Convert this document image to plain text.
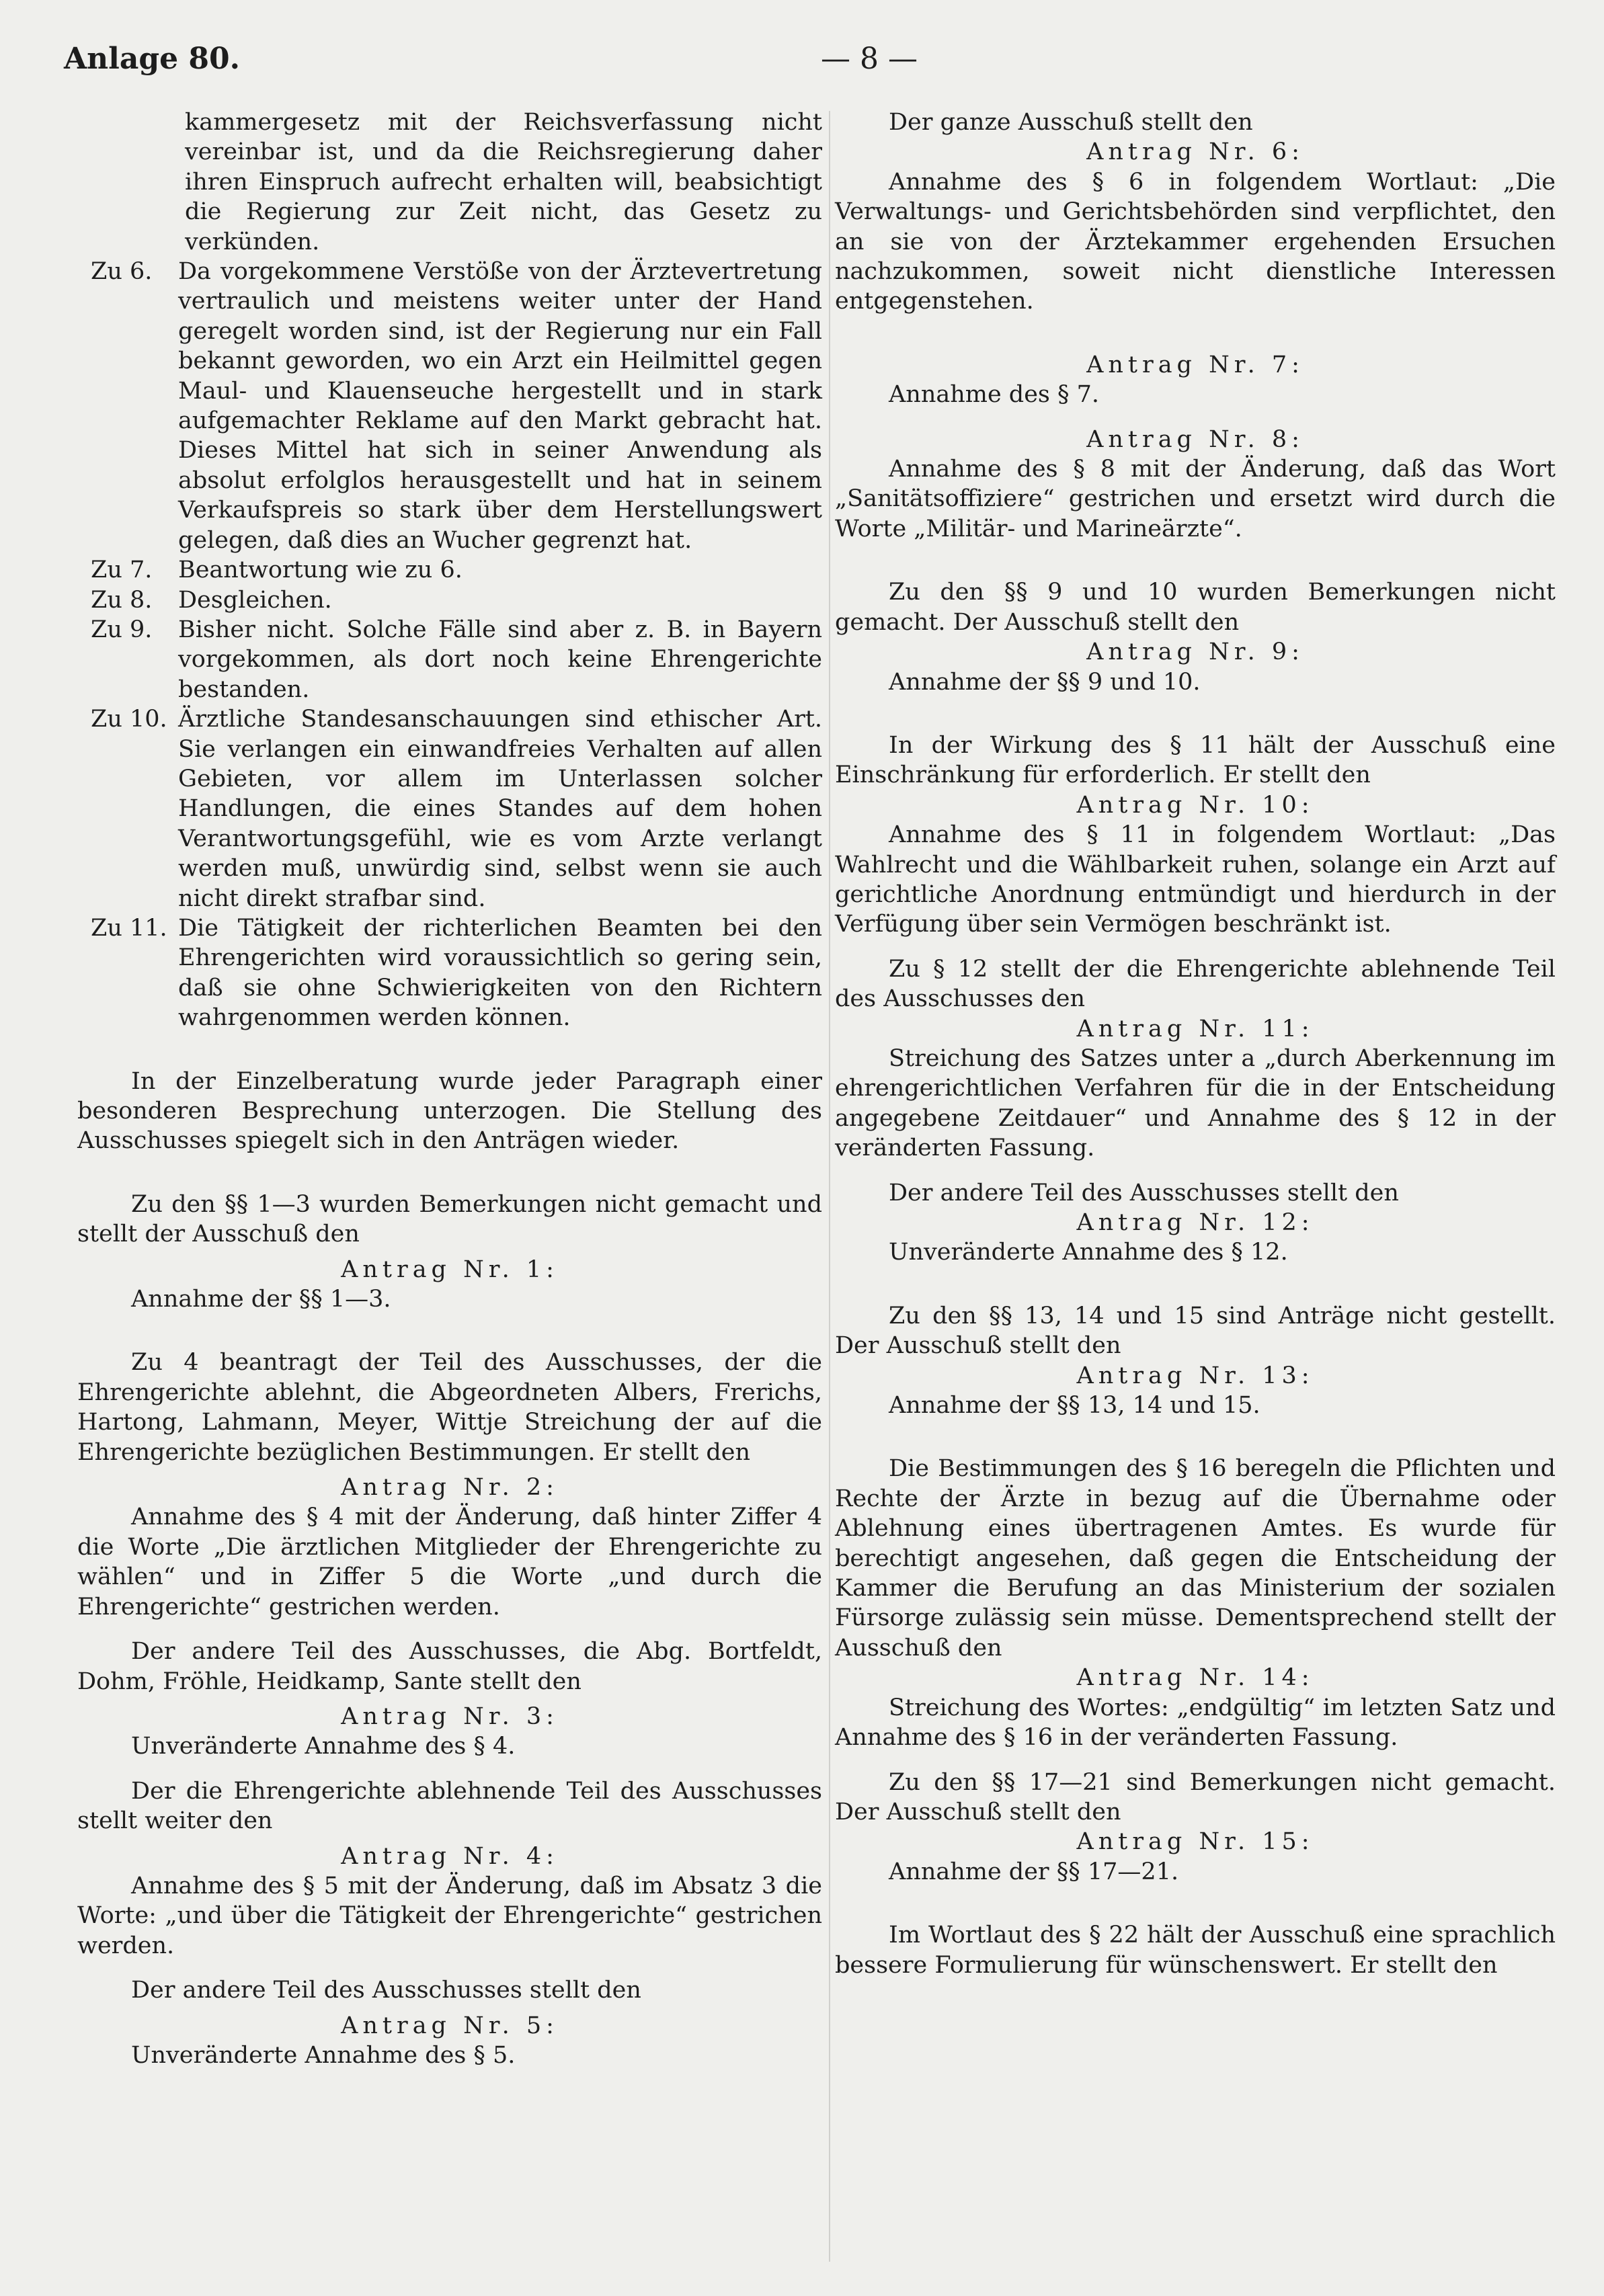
Anlage 80.	— 8 —

kammergesetz mit der Reichsverfassung nicht vereinbar ist, und da die Reichsregierung daher ihren Einspruch aufrecht erhalten will, beabsichtigt die Regierung zur Zeit nicht, das Gesetz zu verkünden.

Zu 6.	Da vorgekommene Verstöße von der Ärztevertretung vertraulich und meistens weiter unter der Hand geregelt worden sind, ist der Regierung nur ein Fall bekannt geworden, wo ein Arzt ein Heilmittel gegen Maul- und Klauenseuche hergestellt und in stark aufgemachter Reklame auf den Markt gebracht hat. Dieses Mittel hat sich in seiner Anwendung als absolut erfolglos herausgestellt und hat in seinem Verkaufspreis so stark über dem Herstellungswert gelegen, daß dies an Wucher gegrenzt hat.
Zu 7.	Beantwortung wie zu 6.
Zu 8.	Desgleichen.
Zu 9.	Bisher nicht. Solche Fälle sind aber z. B. in Bayern vorgekommen, als dort noch keine Ehrengerichte bestanden.
Zu 10. Ärztliche Standesanschauungen sind ethischer Art. Sie verlangen ein einwandfreies Verhalten auf allen Gebieten, vor allem im Unterlassen solcher Handlungen, die eines Standes auf dem hohen Verantwortungsgefühl, wie es vom Arzte verlangt werden muß, unwürdig sind, selbst wenn sie auch nicht direkt strafbar sind.
Zu 11. Die Tätigkeit der richterlichen Beamten bei den Ehrengerichten wird voraussichtlich so gering sein, daß sie ohne Schwierigkeiten von den Richtern wahrgenommen werden können.

In der Einzelberatung wurde jeder Paragraph einer besonderen Besprechung unterzogen. Die Stellung des Ausschusses spiegelt sich in den Anträgen wieder.

Zu den §§ 1—3 wurden Bemerkungen nicht gemacht und stellt der Ausschuß den

Antrag Nr. 1:

Annahme der §§ 1—3.

Zu 4 beantragt der Teil des Ausschusses, der die Ehrengerichte ablehnt, die Abgeordneten Albers, Frerichs, Hartong, Lahmann, Meyer, Wittje Streichung der auf die Ehrengerichte bezüglichen Bestimmungen. Er stellt den

Antrag Nr. 2:

Annahme des § 4 mit der Änderung, daß hinter Ziffer 4 die Worte „Die ärztlichen Mitglieder der Ehrengerichte zu wählen“ und in Ziffer 5 die Worte „und durch die Ehrengerichte“ gestrichen werden.

Der andere Teil des Ausschusses, die Abg. Bortfeldt, Dohm, Fröhle, Heidkamp, Sante stellt den

Antrag Nr. 3:

Unveränderte Annahme des § 4.

Der die Ehrengerichte ablehnende Teil des Ausschusses stellt weiter den

Antrag Nr. 4:

Annahme des § 5 mit der Änderung, daß im Absatz 3 die Worte: „und über die Tätigkeit der Ehrengerichte“ gestrichen werden.

Der andere Teil des Ausschusses stellt den

Antrag Nr. 5:

Unveränderte Annahme des § 5.

Der ganze Ausschuß stellt den

Antrag Nr. 6:

Annahme des § 6 in folgendem Wortlaut: „Die Verwaltungs- und Gerichtsbehörden sind verpflichtet, den an sie von der Ärztekammer ergehenden Ersuchen nachzukommen, soweit nicht dienstliche Interessen entgegenstehen.

Antrag Nr. 7:

Annahme des § 7.

Antrag Nr. 8:

Annahme des § 8 mit der Änderung, daß das Wort „Sanitätsoffiziere“ gestrichen und ersetzt wird durch die Worte „Militär- und Marineärzte“.

Zu den §§ 9 und 10 wurden Bemerkungen nicht gemacht. Der Ausschuß stellt den

Antrag Nr. 9:

Annahme der §§ 9 und 10.

In der Wirkung des § 11 hält der Ausschuß eine Einschränkung für erforderlich. Er stellt den

Antrag Nr. 10:

Annahme des § 11 in folgendem Wortlaut: „Das Wahlrecht und die Wählbarkeit ruhen, solange ein Arzt auf gerichtliche Anordnung entmündigt und hierdurch in der Verfügung über sein Vermögen beschränkt ist.

Zu § 12 stellt der die Ehrengerichte ablehnende Teil des Ausschusses den

Antrag Nr. 11:

Streichung des Satzes unter a „durch Aberkennung im ehrengerichtlichen Verfahren für die in der Entscheidung angegebene Zeitdauer“ und Annahme des § 12 in der veränderten Fassung.

Der andere Teil des Ausschusses stellt den

Antrag Nr. 12:

Unveränderte Annahme des § 12.

Zu den §§ 13, 14 und 15 sind Anträge nicht gestellt. Der Ausschuß stellt den

Antrag Nr. 13:

Annahme der §§ 13, 14 und 15.

Die Bestimmungen des § 16 beregeln die Pflichten und Rechte der Ärzte in bezug auf die Übernahme oder Ablehnung eines übertragenen Amtes. Es wurde für berechtigt angesehen, daß gegen die Entscheidung der Kammer die Berufung an das Ministerium der sozialen Fürsorge zulässig sein müsse. Dementsprechend stellt der Ausschuß den

Antrag Nr. 14:

Streichung des Wortes: „endgültig“ im letzten Satz und Annahme des § 16 in der veränderten Fassung.

Zu den §§ 17—21 sind Bemerkungen nicht gemacht. Der Ausschuß stellt den

Antrag Nr. 15:

Annahme der §§ 17—21.

Im Wortlaut des § 22 hält der Ausschuß eine sprachlich bessere Formulierung für wünschenswert. Er stellt den
